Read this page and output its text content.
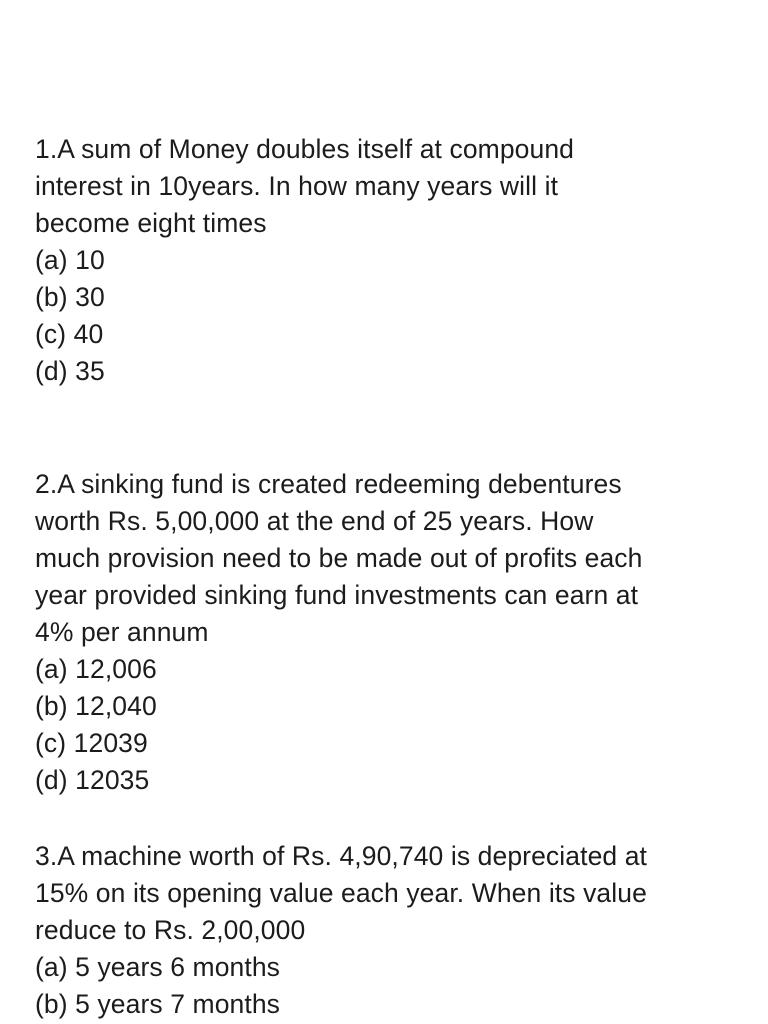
1.A sum of Money doubles itself at compound
interest in 10years. In how many years will it
become eight times
(a) 10
(b) 30
(c) 40
(d) 35
2.A sinking fund is created redeeming debentures
worth Rs. 5,00,000 at the end of 25 years. How
much provision need to be made out of profits each
year provided sinking fund investments can earn at
4% per annum
(a) 12,006
(b) 12,040
(c) 12039
(d) 12035
3.A machine worth of Rs. 4,90,740 is depreciated at
15% on its opening value each year. When its value
reduce to Rs. 2,00,000
(a) 5 years 6 months
(b) 5 years 7 months
